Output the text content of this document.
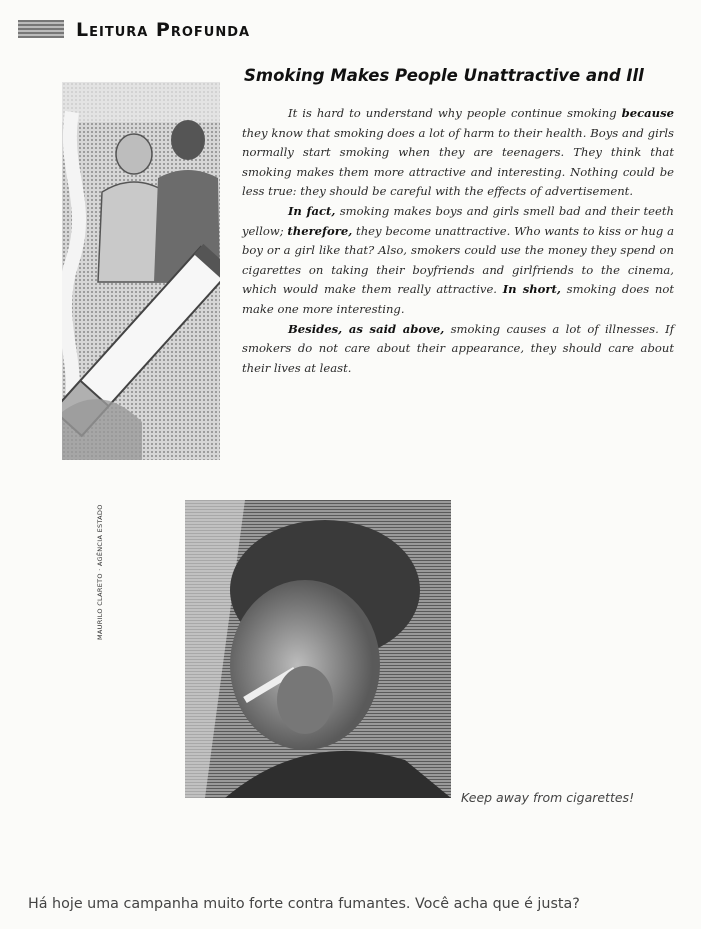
Leitura Profunda
Smoking Makes People Unattractive and Ill

It is hard to understand why people continue smoking because they know that smoking does a lot of harm to their health. Boys and girls normally start smoking when they are teenagers. They think that smoking makes them more attractive and interesting. Nothing could be less true: they should be careful with the effects of advertisement.

In fact, smoking makes boys and girls smell bad and their teeth yellow; therefore, they become unattractive. Who wants to kiss or hug a boy or a girl like that? Also, smokers could use the money they spend on cigarettes on taking their boyfriends and girlfriends to the cinema, which would make them really attractive. In short, smoking does not make one more interesting.

Besides, as said above, smoking causes a lot of illnesses. If smokers do not care about their appearance, they should care about their lives at least.

MAURILO CLARETO · AGÊNCIA ESTADO
Keep away from cigarettes!
Há hoje uma campanha muito forte contra fumantes. Você acha que é justa?
